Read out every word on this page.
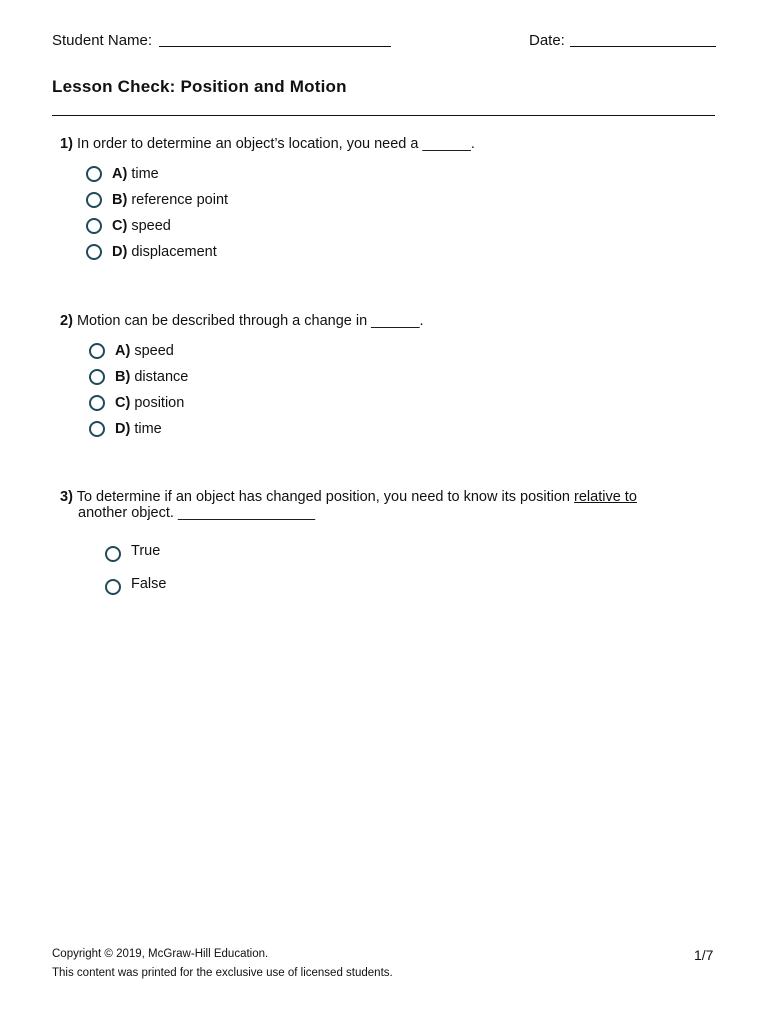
Student Name:	Date:
Lesson Check: Position and Motion
1) In order to determine an object’s location, you need a ______.
A) time
B) reference point
C) speed
D) displacement
2) Motion can be described through a change in ______.
A) speed
B) distance
C) position
D) time
3) To determine if an object has changed position, you need to know its position relative to
another object. _________________
True
False
Copyright © 2019, McGraw-Hill Education.	1/7
This content was printed for the exclusive use of licensed students.
